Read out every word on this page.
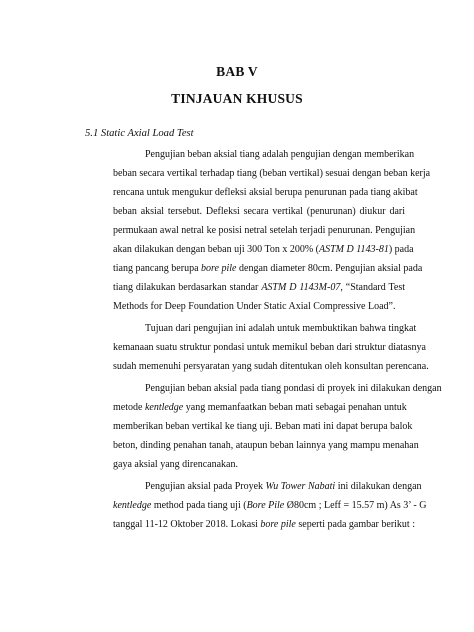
BAB V
TINJAUAN KHUSUS
5.1 Static Axial Load Test
Pengujian beban aksial tiang adalah pengujian dengan memberikan
beban secara vertikal terhadap tiang (beban vertikal) sesuai dengan beban kerja
rencana untuk mengukur defleksi aksial berupa penurunan pada tiang akibat
beban aksial tersebut. Defleksi secara vertikal (penurunan) diukur dari
permukaan awal netral ke posisi netral setelah terjadi penurunan. Pengujian
akan dilakukan dengan beban uji 300 Ton x 200% (ASTM D 1143-81) pada
tiang pancang berupa bore pile dengan diameter 80cm. Pengujian aksial pada
tiang dilakukan berdasarkan standar ASTM D 1143M-07, “Standard Test
Methods for Deep Foundation Under Static Axial Compressive Load”.
Tujuan dari pengujian ini adalah untuk membuktikan bahwa tingkat
kemanaan suatu struktur pondasi untuk memikul beban dari struktur diatasnya
sudah memenuhi persyaratan yang sudah ditentukan oleh konsultan perencana.
Pengujian beban aksial pada tiang pondasi di proyek ini dilakukan dengan
metode kentledge yang memanfaatkan beban mati sebagai penahan untuk
memberikan beban vertikal ke tiang uji. Beban mati ini dapat berupa balok
beton, dinding penahan tanah, ataupun beban lainnya yang mampu menahan
gaya aksial yang direncanakan.
Pengujian aksial pada Proyek Wu Tower Nabati ini dilakukan dengan
kentledge method pada tiang uji (Bore Pile Ø80cm ; Leff = 15.57 m) As 3’ - G
tanggal 11-12 Oktober 2018. Lokasi bore pile seperti pada gambar berikut :
